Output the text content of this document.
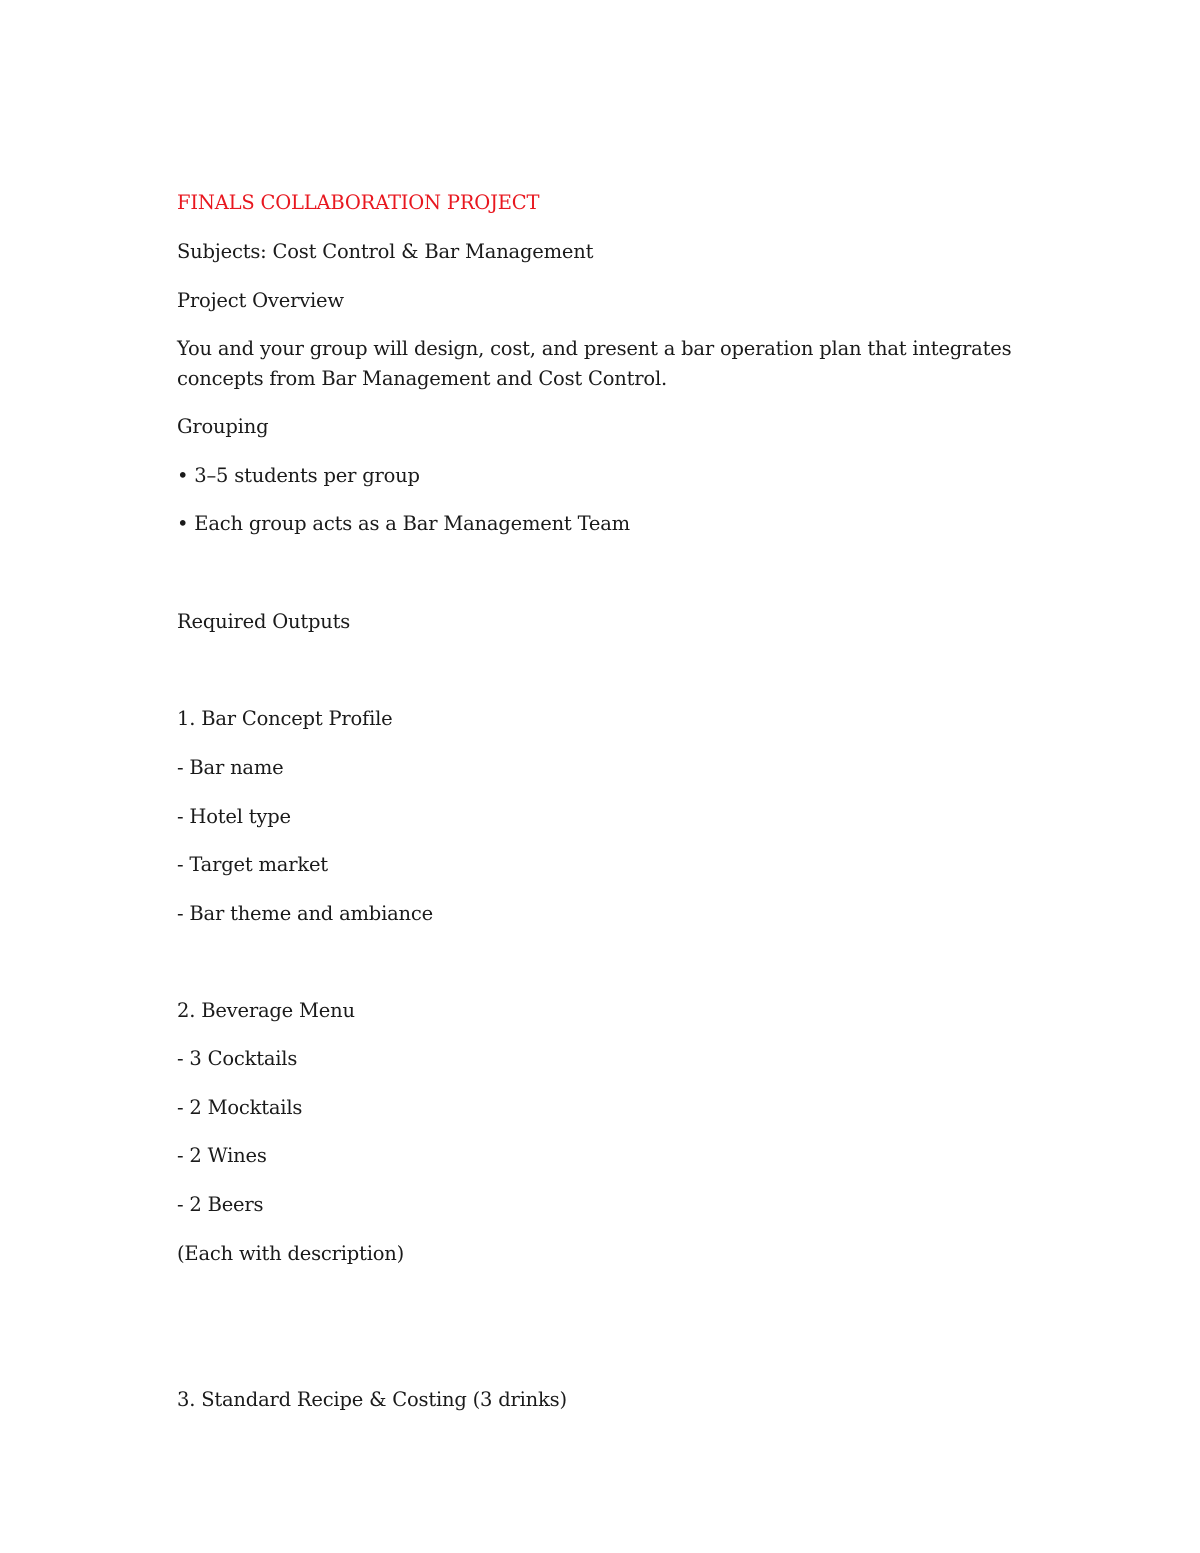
FINALS COLLABORATION PROJECT
Subjects: Cost Control & Bar Management
Project Overview
You and your group will design, cost, and present a bar operation plan that integrates
concepts from Bar Management and Cost Control.
Grouping
• 3–5 students per group
• Each group acts as a Bar Management Team
Required Outputs
1. Bar Concept Profile
- Bar name
- Hotel type
- Target market
- Bar theme and ambiance
2. Beverage Menu
- 3 Cocktails
- 2 Mocktails
- 2 Wines
- 2 Beers
(Each with description)
3. Standard Recipe & Costing (3 drinks)
